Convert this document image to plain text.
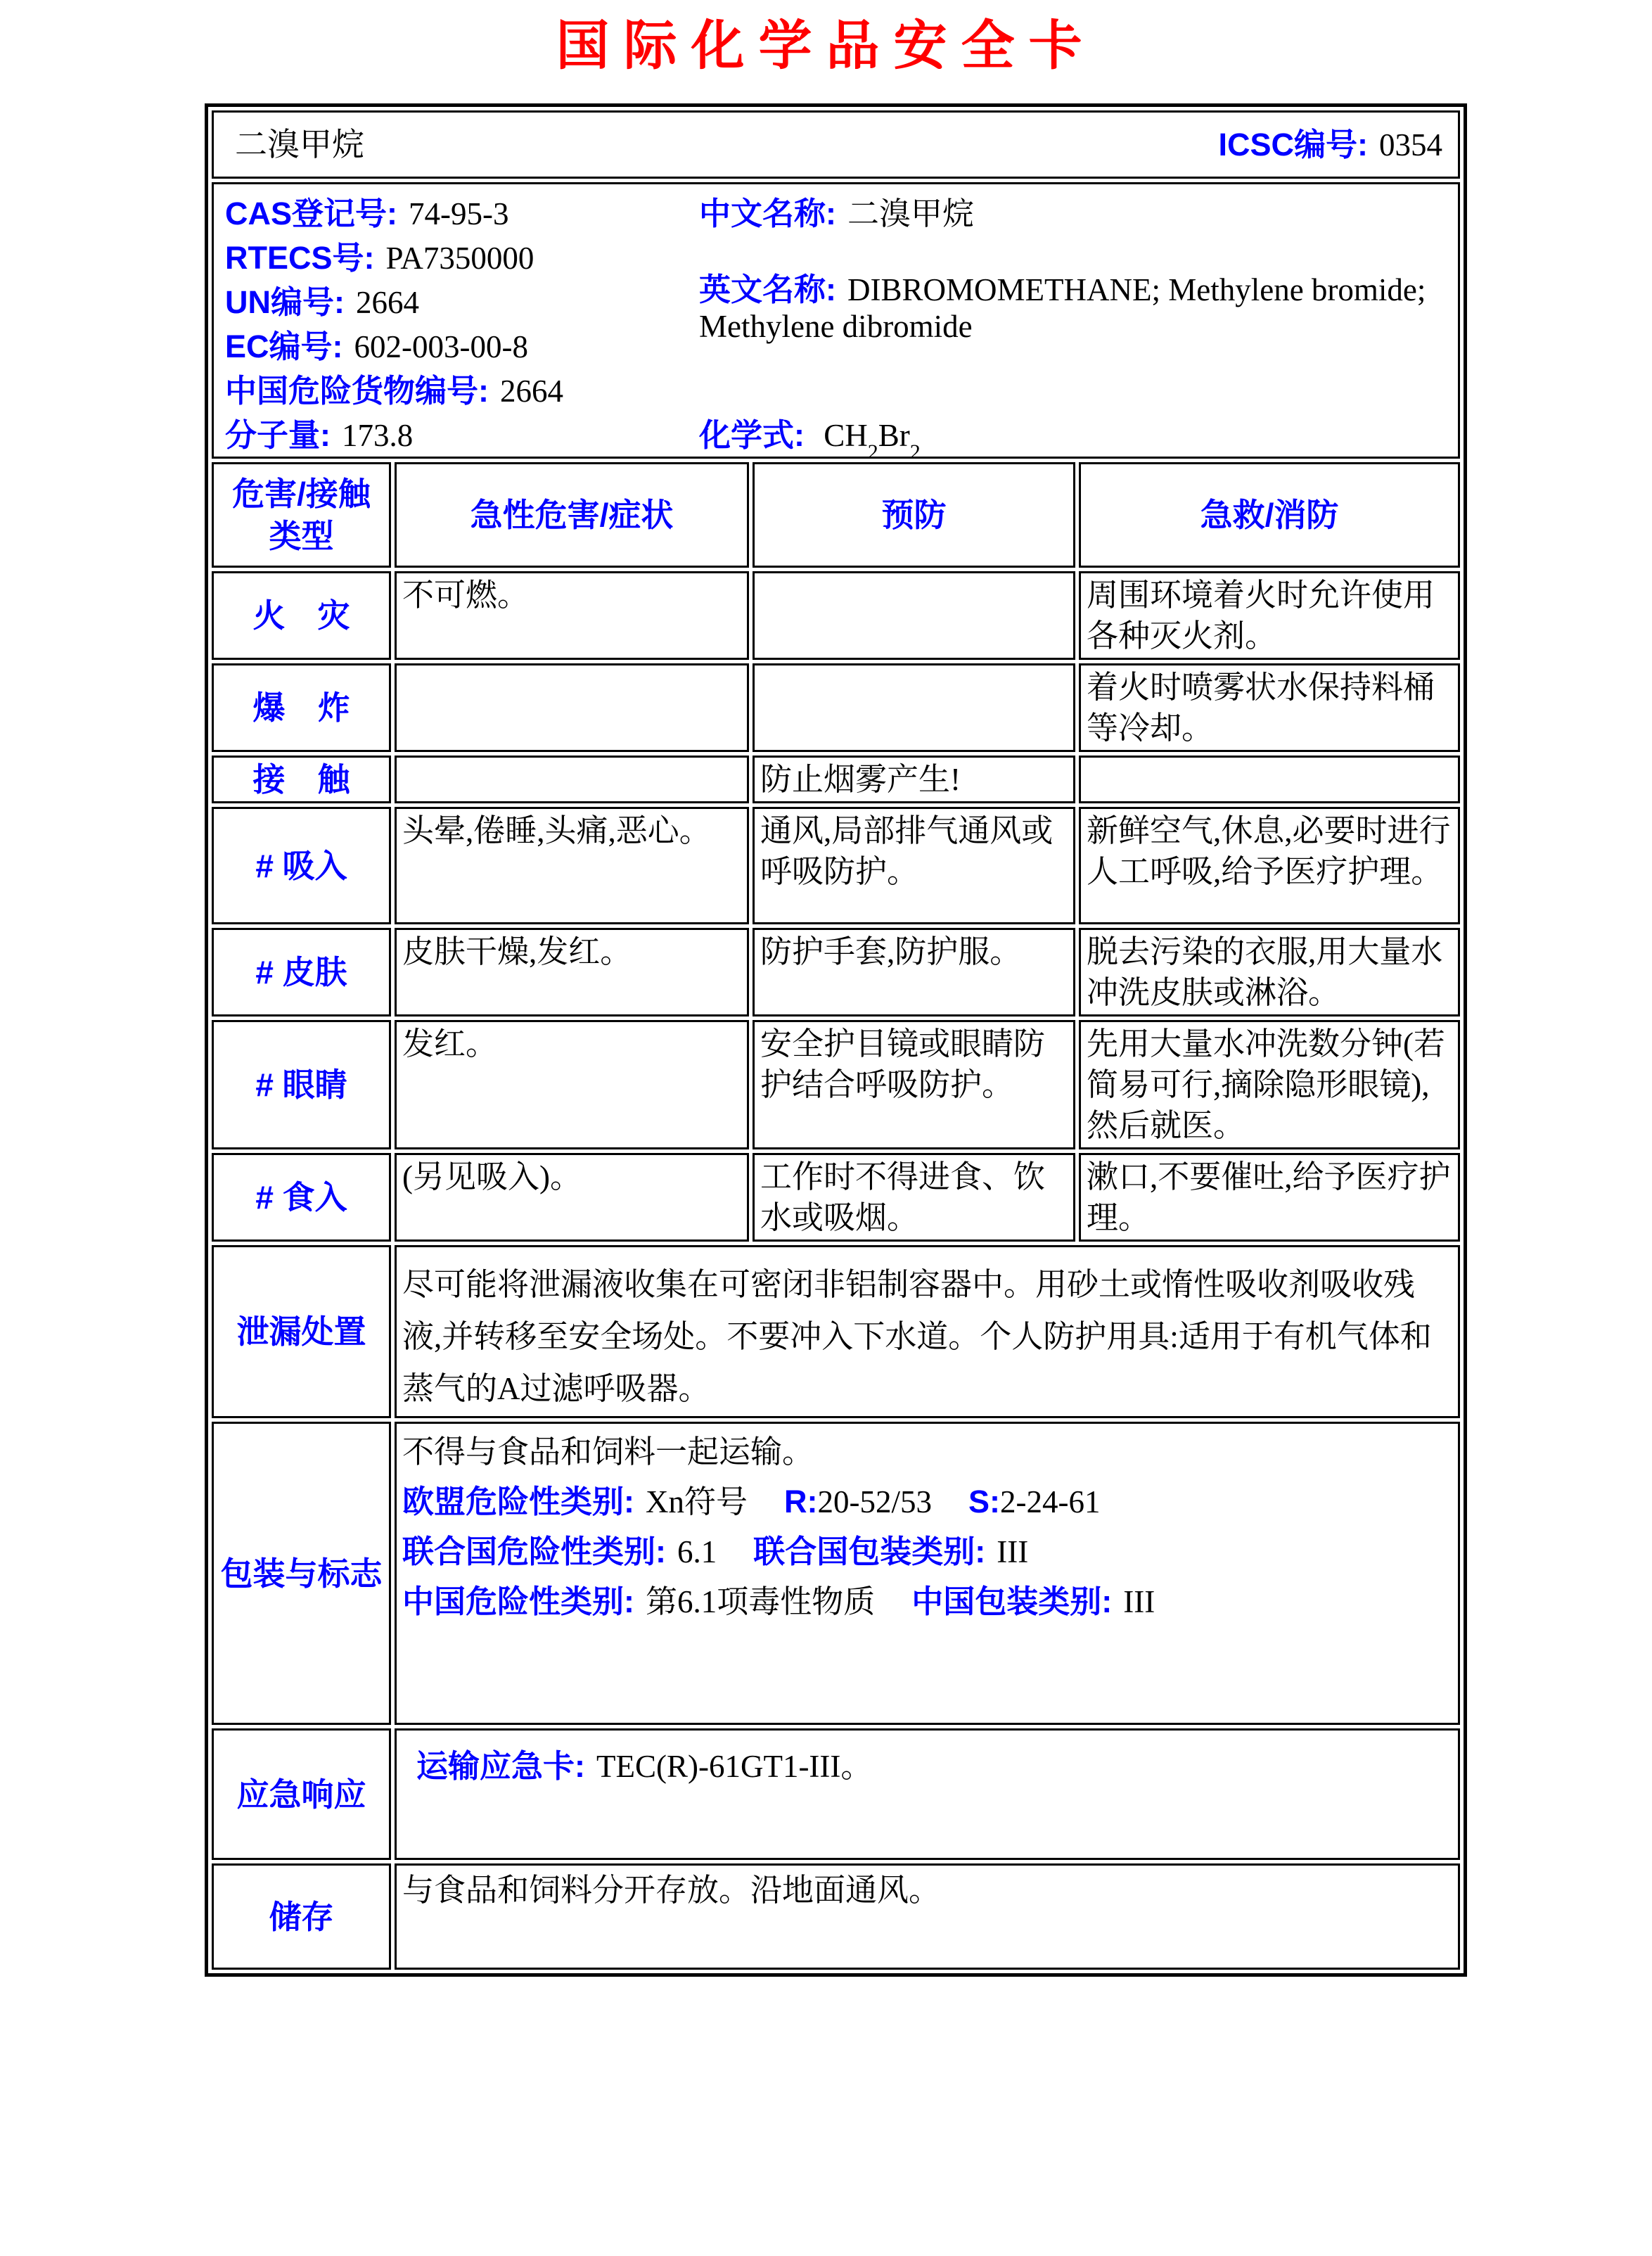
国际化学品安全卡
二溴甲烷 ICSC编号: 0354			

CAS登记号: 74-95-3
RTECS号: PA7350000
UN编号: 2664
EC编号: 602-003-00-8
中国危险货物编号: 2664
分子量: 173.8
中文名称: 二溴甲烷
英文名称: DIBROMOMETHANE; Methylene bromide; Methylene dibromide
化学式: $CH_2Br_2$

危害/接触类型	急性危害/症状	预防	急救/消防
火　灾	不可燃。		周围环境着火时允许使用各种灭火剂。
爆　炸			着火时喷雾状水保持料桶等冷却。
接　触		防止烟雾产生!	
# 吸入	头晕,倦睡,头痛,恶心。	通风,局部排气通风或呼吸防护。	新鲜空气,休息,必要时进行人工呼吸,给予医疗护理。
# 皮肤	皮肤干燥,发红。	防护手套,防护服。	脱去污染的衣服,用大量水冲洗皮肤或淋浴。
# 眼睛	发红。	安全护目镜或眼睛防护结合呼吸防护。	先用大量水冲洗数分钟(若简易可行,摘除隐形眼镜),然后就医。
# 食入	(另见吸入)。	工作时不得进食、饮水或吸烟。	漱口,不要催吐,给予医疗护理。
泄漏处置	尽可能将泄漏液收集在可密闭非铝制容器中。用砂土或惰性吸收剂吸收残液,并转移至安全场处。不要冲入下水道。个人防护用具:适用于有机气体和蒸气的A过滤呼吸器。		
包装与标志	不得与食品和饲料一起运输。
欧盟危险性类别: Xn符号 R:20-52/53 S:2-24-61
联合国危险性类别: 6.1 联合国包装类别: III
中国危险性类别: 第6.1项毒性物质 中国包装类别: III		

应急响应	运输应急卡: TEC(R)-61GT1-III。		
储存	与食品和饲料分开存放。沿地面通风。		
